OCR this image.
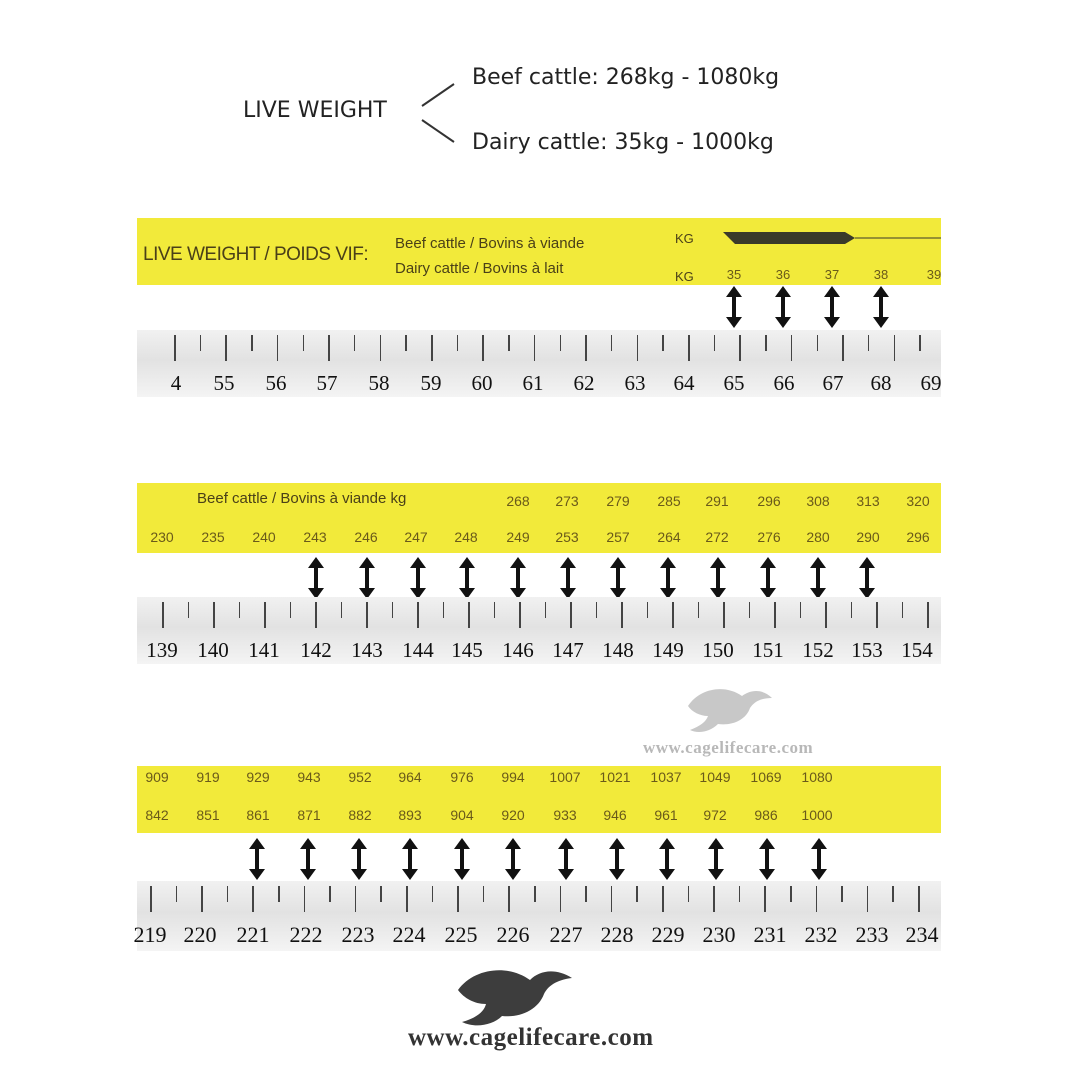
LIVE WEIGHT
Beef cattle: 268kg - 1080kg
Dairy cattle: 35kg - 1000kg
LIVE WEIGHT / POIDS VIF:
Beef cattle / Bovins à viande
Dairy cattle / Bovins à lait
KG
KG	35	36	37	38	39
4 55 56 57 58 59 60 61 62 63 64 65 66 67 68 69
Beef cattle / Bovins à viande kg	268 273 279 285 291 296 308 313 320
230 235 240 243 246 247 248 249 253 257 264 272 276 280 290 296
139 140 141 142 143 144 145 146 147 148 149 150 151 152 153 154
www.cagelifecare.com
909 919 929 943 952 964 976 994 1007 1021 1037 1049 1069 1080
842 851 861 871 882 893 904 920 933 946 961 972 986 1000
219 220 221 222 223 224 225 226 227 228 229 230 231 232 233 234
www.cagelifecare.com
